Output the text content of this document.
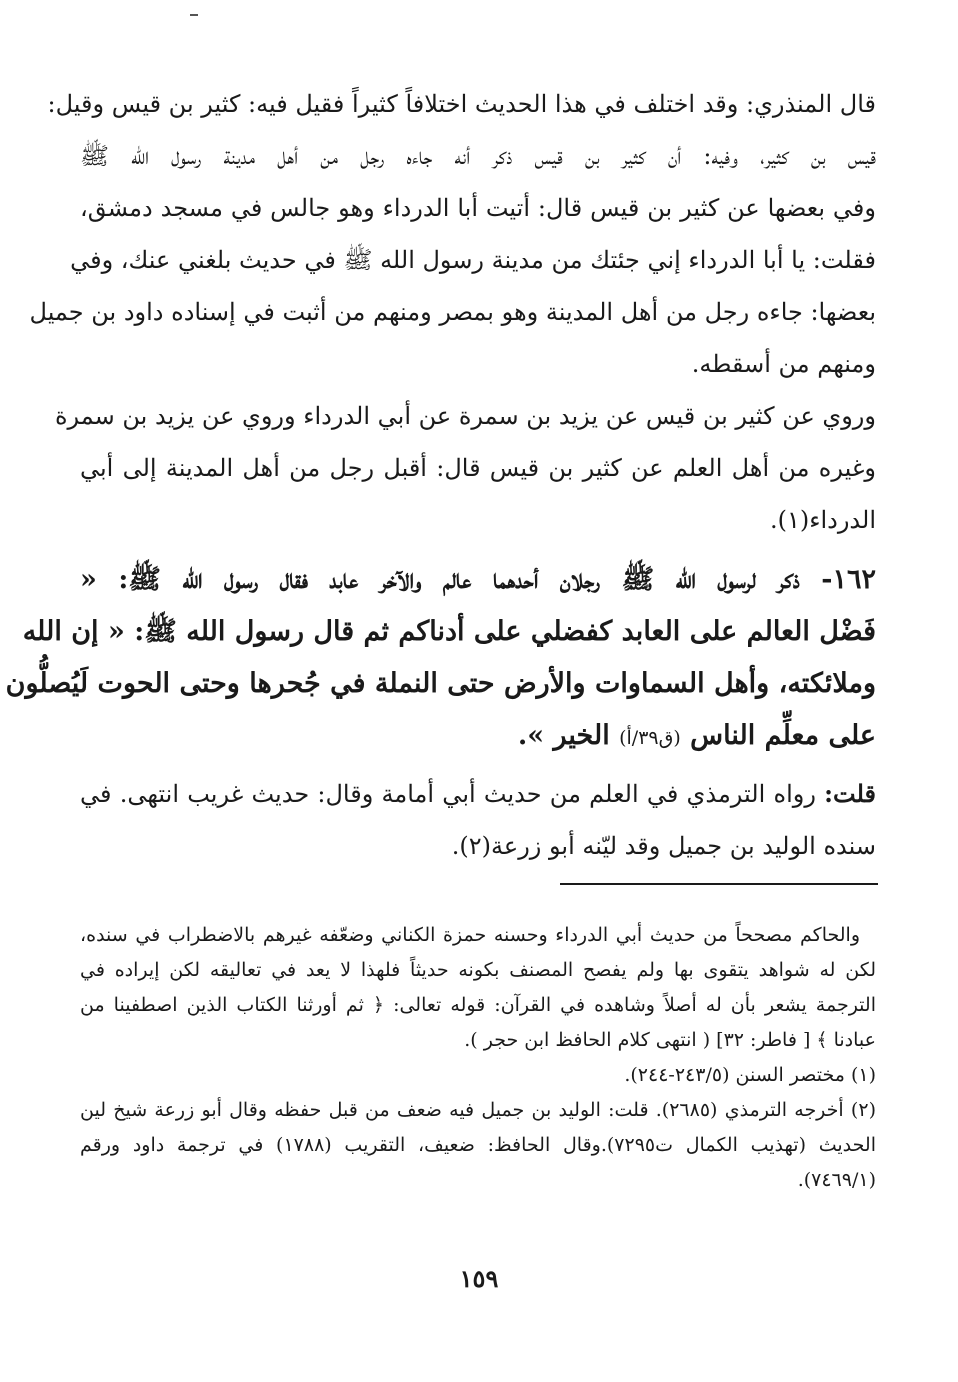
قال المنذري: وقد اختلف في هذا الحديث اختلافاً كثيراً فقيل فيه: كثير بن قيس وقيل:
قيس بن كثير، وفيه: أن كثير بن قيس ذكر أنه جاءه رجل من أهل مدينة رسول الله ﷺ
وفي بعضها عن كثير بن قيس قال: أتيت أبا الدرداء وهو جالس في مسجد دمشق،
فقلت: يا أبا الدرداء إني جئتك من مدينة رسول الله ﷺ في حديث بلغني عنك، وفي
بعضها: جاءه رجل من أهل المدينة وهو بمصر ومنهم من أثبت في إسناده داود بن جميل
ومنهم من أسقطه.

وروي عن كثير بن قيس عن يزيد بن سمرة عن أبي الدرداء وروي عن يزيد بن سمرة
وغيره من أهل العلم عن كثير بن قيس قال: أقبل رجل من أهل المدينة إلى أبي
الدرداء(١).

١٦٢- ذكر لرسول الله ﷺ رجلان أحدهما عالم والآخر عابد فقال رسول الله ﷺ: «
فَضْل العالم على العابد كفضلي على أدناكم ثم قال رسول الله ﷺ: « إن الله
وملائكته، وأهل السماوات والأرض حتى النملة في جُحرها وحتى الحوت لَيُصلُّون
على معلِّم الناس (ق٣٩/أ) الخير ».

قلت: رواه الترمذي في العلم من حديث أبي أمامة وقال: حديث غريب انتهى. في
سنده الوليد بن جميل وقد ليّنه أبو زرعة(٢).

والحاكم مصححاً من حديث أبي الدرداء وحسنه حمزة الكناني وضعّفه غيرهم بالاضطراب في سنده،
لكن له شواهد يتقوى بها ولم يفصح المصنف بكونه حديثاً فلهذا لا يعد في تعاليقه لكن إيراده في
الترجمة يشعر بأن له أصلاً وشاهده في القرآن: قوله تعالى: ﴿ ثم أورثنا الكتاب الذين اصطفينا من
عبادنا ﴾ [ فاطر: ٣٢] ( انتهى كلام الحافظ ابن حجر ).

(١) مختصر السنن (٢٤٣/٥-٢٤٤).

(٢) أخرجه الترمذي (٢٦٨٥). قلت: الوليد بن جميل فيه ضعف من قبل حفظه وقال أبو زرعة شيخ لين
الحديث (تهذيب الكمال ت٧٢٩٥).وقال الحافظ: ضعيف، التقريب (١٧٨٨) في ترجمة داود ورقم
(٧٤٦٩/١).

١٥٩
